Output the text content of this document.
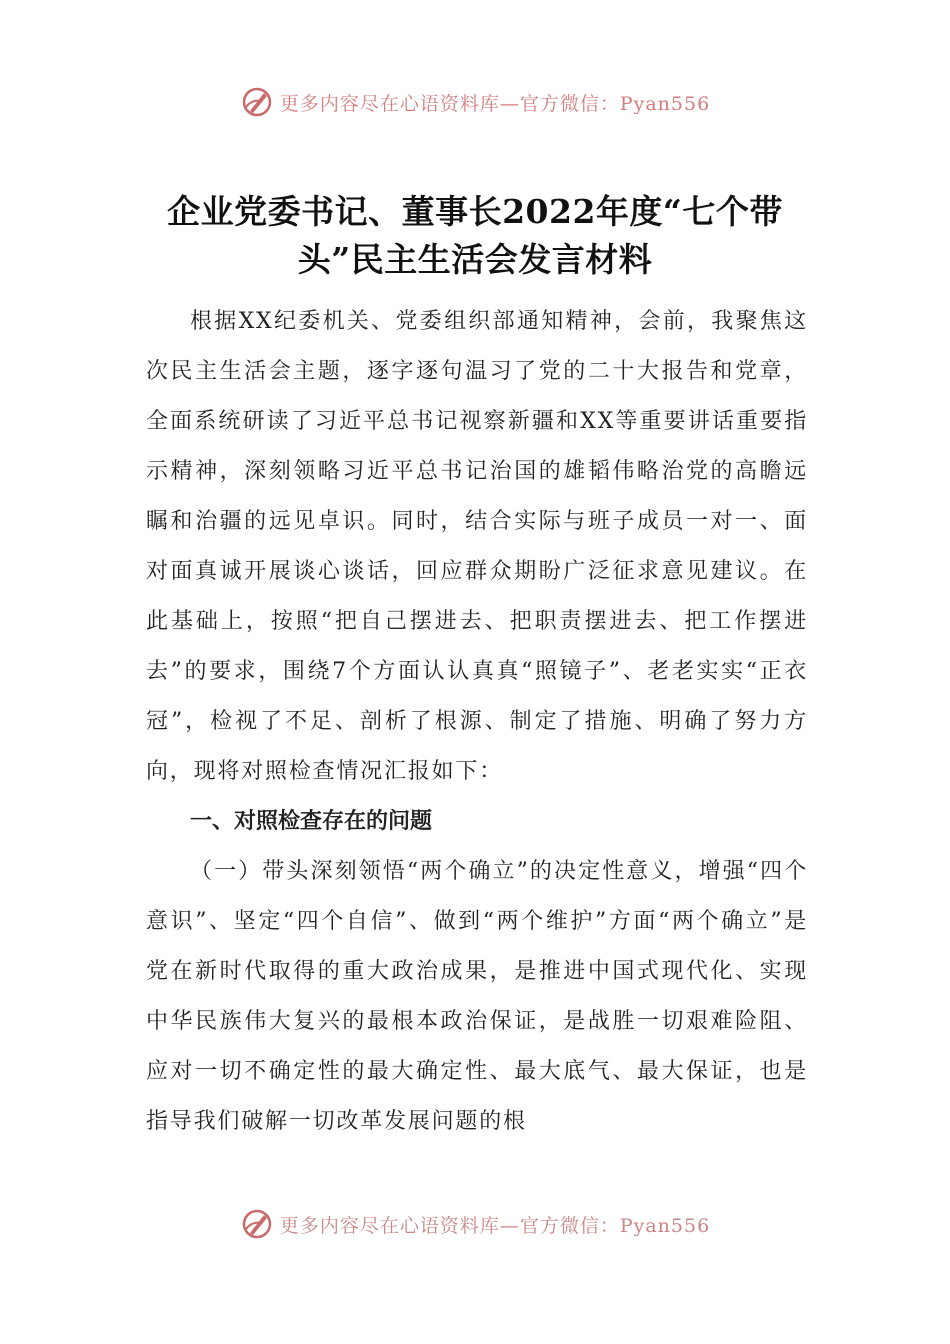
更多内容尽在心语资料库—官方微信：Pyan556
企业党委书记、董事长2022年度“七个带头”民主生活会发言材料

根据XX纪委机关、党委组织部通知精神，会前，我聚焦这次民主生活会主题，逐字逐句温习了党的二十大报告和党章，全面系统研读了习近平总书记视察新疆和XX等重要讲话重要指示精神，深刻领略习近平总书记治国的雄韬伟略治党的高瞻远瞩和治疆的远见卓识。同时，结合实际与班子成员一对一、面对面真诚开展谈心谈话，回应群众期盼广泛征求意见建议。在此基础上，按照“把自己摆进去、把职责摆进去、把工作摆进去”的要求，围绕7个方面认认真真“照镜子”、老老实实“正衣冠”，检视了不足、剖析了根源、制定了措施、明确了努力方向，现将对照检查情况汇报如下：

一、对照检查存在的问题

（一）带头深刻领悟“两个确立”的决定性意义，增强“四个意识”、坚定“四个自信”、做到“两个维护”方面“两个确立”是党在新时代取得的重大政治成果，是推进中国式现代化、实现中华民族伟大复兴的最根本政治保证，是战胜一切艰难险阻、应对一切不确定性的最大确定性、最大底气、最大保证，也是指导我们破解一切改革发展问题的根

更多内容尽在心语资料库—官方微信：Pyan556
